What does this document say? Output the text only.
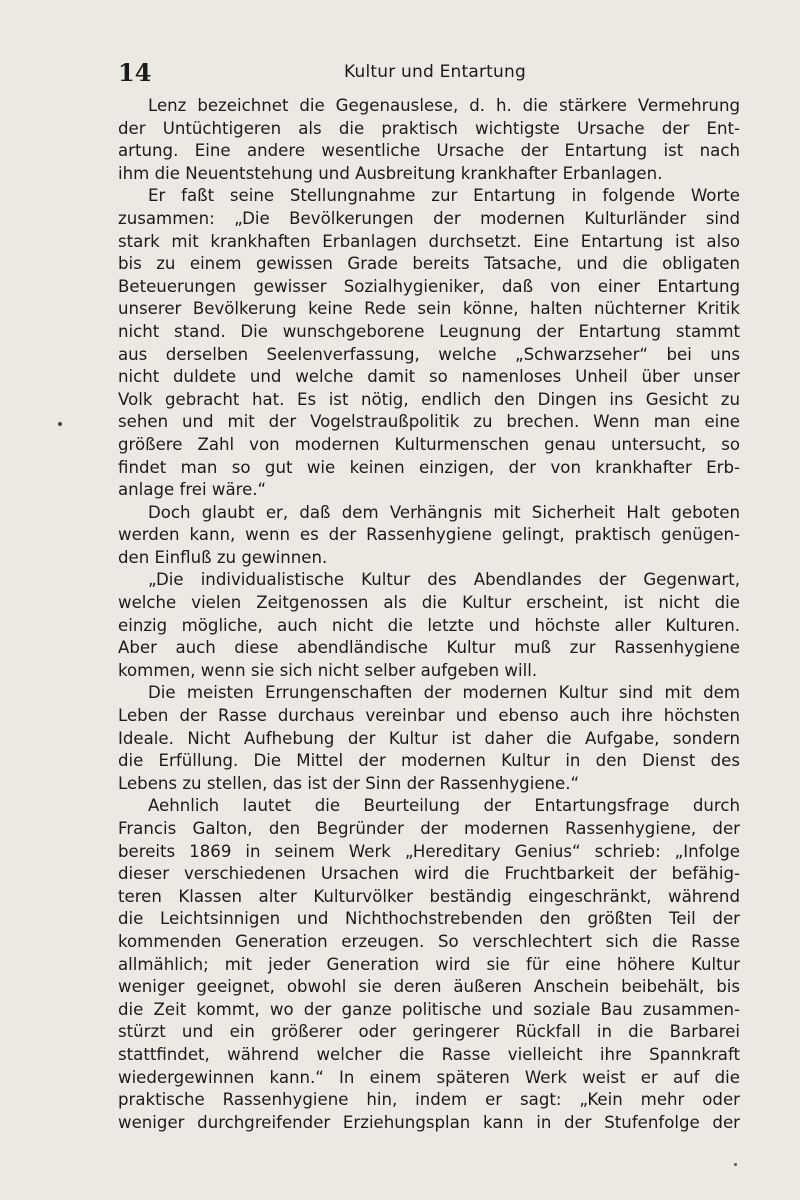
14	Kultur und Entartung
Lenz bezeichnet die Gegenauslese, d. h. die stärkere Vermehrung
der Untüchtigeren als die praktisch wichtigste Ursache der Ent-
artung. Eine andere wesentliche Ursache der Entartung ist nach
ihm die Neuentstehung und Ausbreitung krankhafter Erbanlagen.
Er faßt seine Stellungnahme zur Entartung in folgende Worte
zusammen: „Die Bevölkerungen der modernen Kulturländer sind
stark mit krankhaften Erbanlagen durchsetzt. Eine Entartung ist also
bis zu einem gewissen Grade bereits Tatsache, und die obligaten
Beteuerungen gewisser Sozialhygieniker, daß von einer Entartung
unserer Bevölkerung keine Rede sein könne, halten nüchterner Kritik
nicht stand. Die wunschgeborene Leugnung der Entartung stammt
aus derselben Seelenverfassung, welche „Schwarzseher“ bei uns
nicht duldete und welche damit so namenloses Unheil über unser
Volk gebracht hat. Es ist nötig, endlich den Dingen ins Gesicht zu
sehen und mit der Vogelstraußpolitik zu brechen. Wenn man eine
größere Zahl von modernen Kulturmenschen genau untersucht, so
findet man so gut wie keinen einzigen, der von krankhafter Erb-
anlage frei wäre.“
Doch glaubt er, daß dem Verhängnis mit Sicherheit Halt geboten
werden kann, wenn es der Rassenhygiene gelingt, praktisch genügen-
den Einfluß zu gewinnen.
„Die individualistische Kultur des Abendlandes der Gegenwart,
welche vielen Zeitgenossen als die Kultur erscheint, ist nicht die
einzig mögliche, auch nicht die letzte und höchste aller Kulturen.
Aber auch diese abendländische Kultur muß zur Rassenhygiene
kommen, wenn sie sich nicht selber aufgeben will.
Die meisten Errungenschaften der modernen Kultur sind mit dem
Leben der Rasse durchaus vereinbar und ebenso auch ihre höchsten
Ideale. Nicht Aufhebung der Kultur ist daher die Aufgabe, sondern
die Erfüllung. Die Mittel der modernen Kultur in den Dienst des
Lebens zu stellen, das ist der Sinn der Rassenhygiene.“
Aehnlich lautet die Beurteilung der Entartungsfrage durch
Francis Galton, den Begründer der modernen Rassenhygiene, der
bereits 1869 in seinem Werk „Hereditary Genius“ schrieb: „Infolge
dieser verschiedenen Ursachen wird die Fruchtbarkeit der befähig-
teren Klassen alter Kulturvölker beständig eingeschränkt, während
die Leichtsinnigen und Nichthochstrebenden den größten Teil der
kommenden Generation erzeugen. So verschlechtert sich die Rasse
allmählich; mit jeder Generation wird sie für eine höhere Kultur
weniger geeignet, obwohl sie deren äußeren Anschein beibehält, bis
die Zeit kommt, wo der ganze politische und soziale Bau zusammen-
stürzt und ein größerer oder geringerer Rückfall in die Barbarei
stattfindet, während welcher die Rasse vielleicht ihre Spannkraft
wiedergewinnen kann.“ In einem späteren Werk weist er auf die
praktische Rassenhygiene hin, indem er sagt: „Kein mehr oder
weniger durchgreifender Erziehungsplan kann in der Stufenfolge der
